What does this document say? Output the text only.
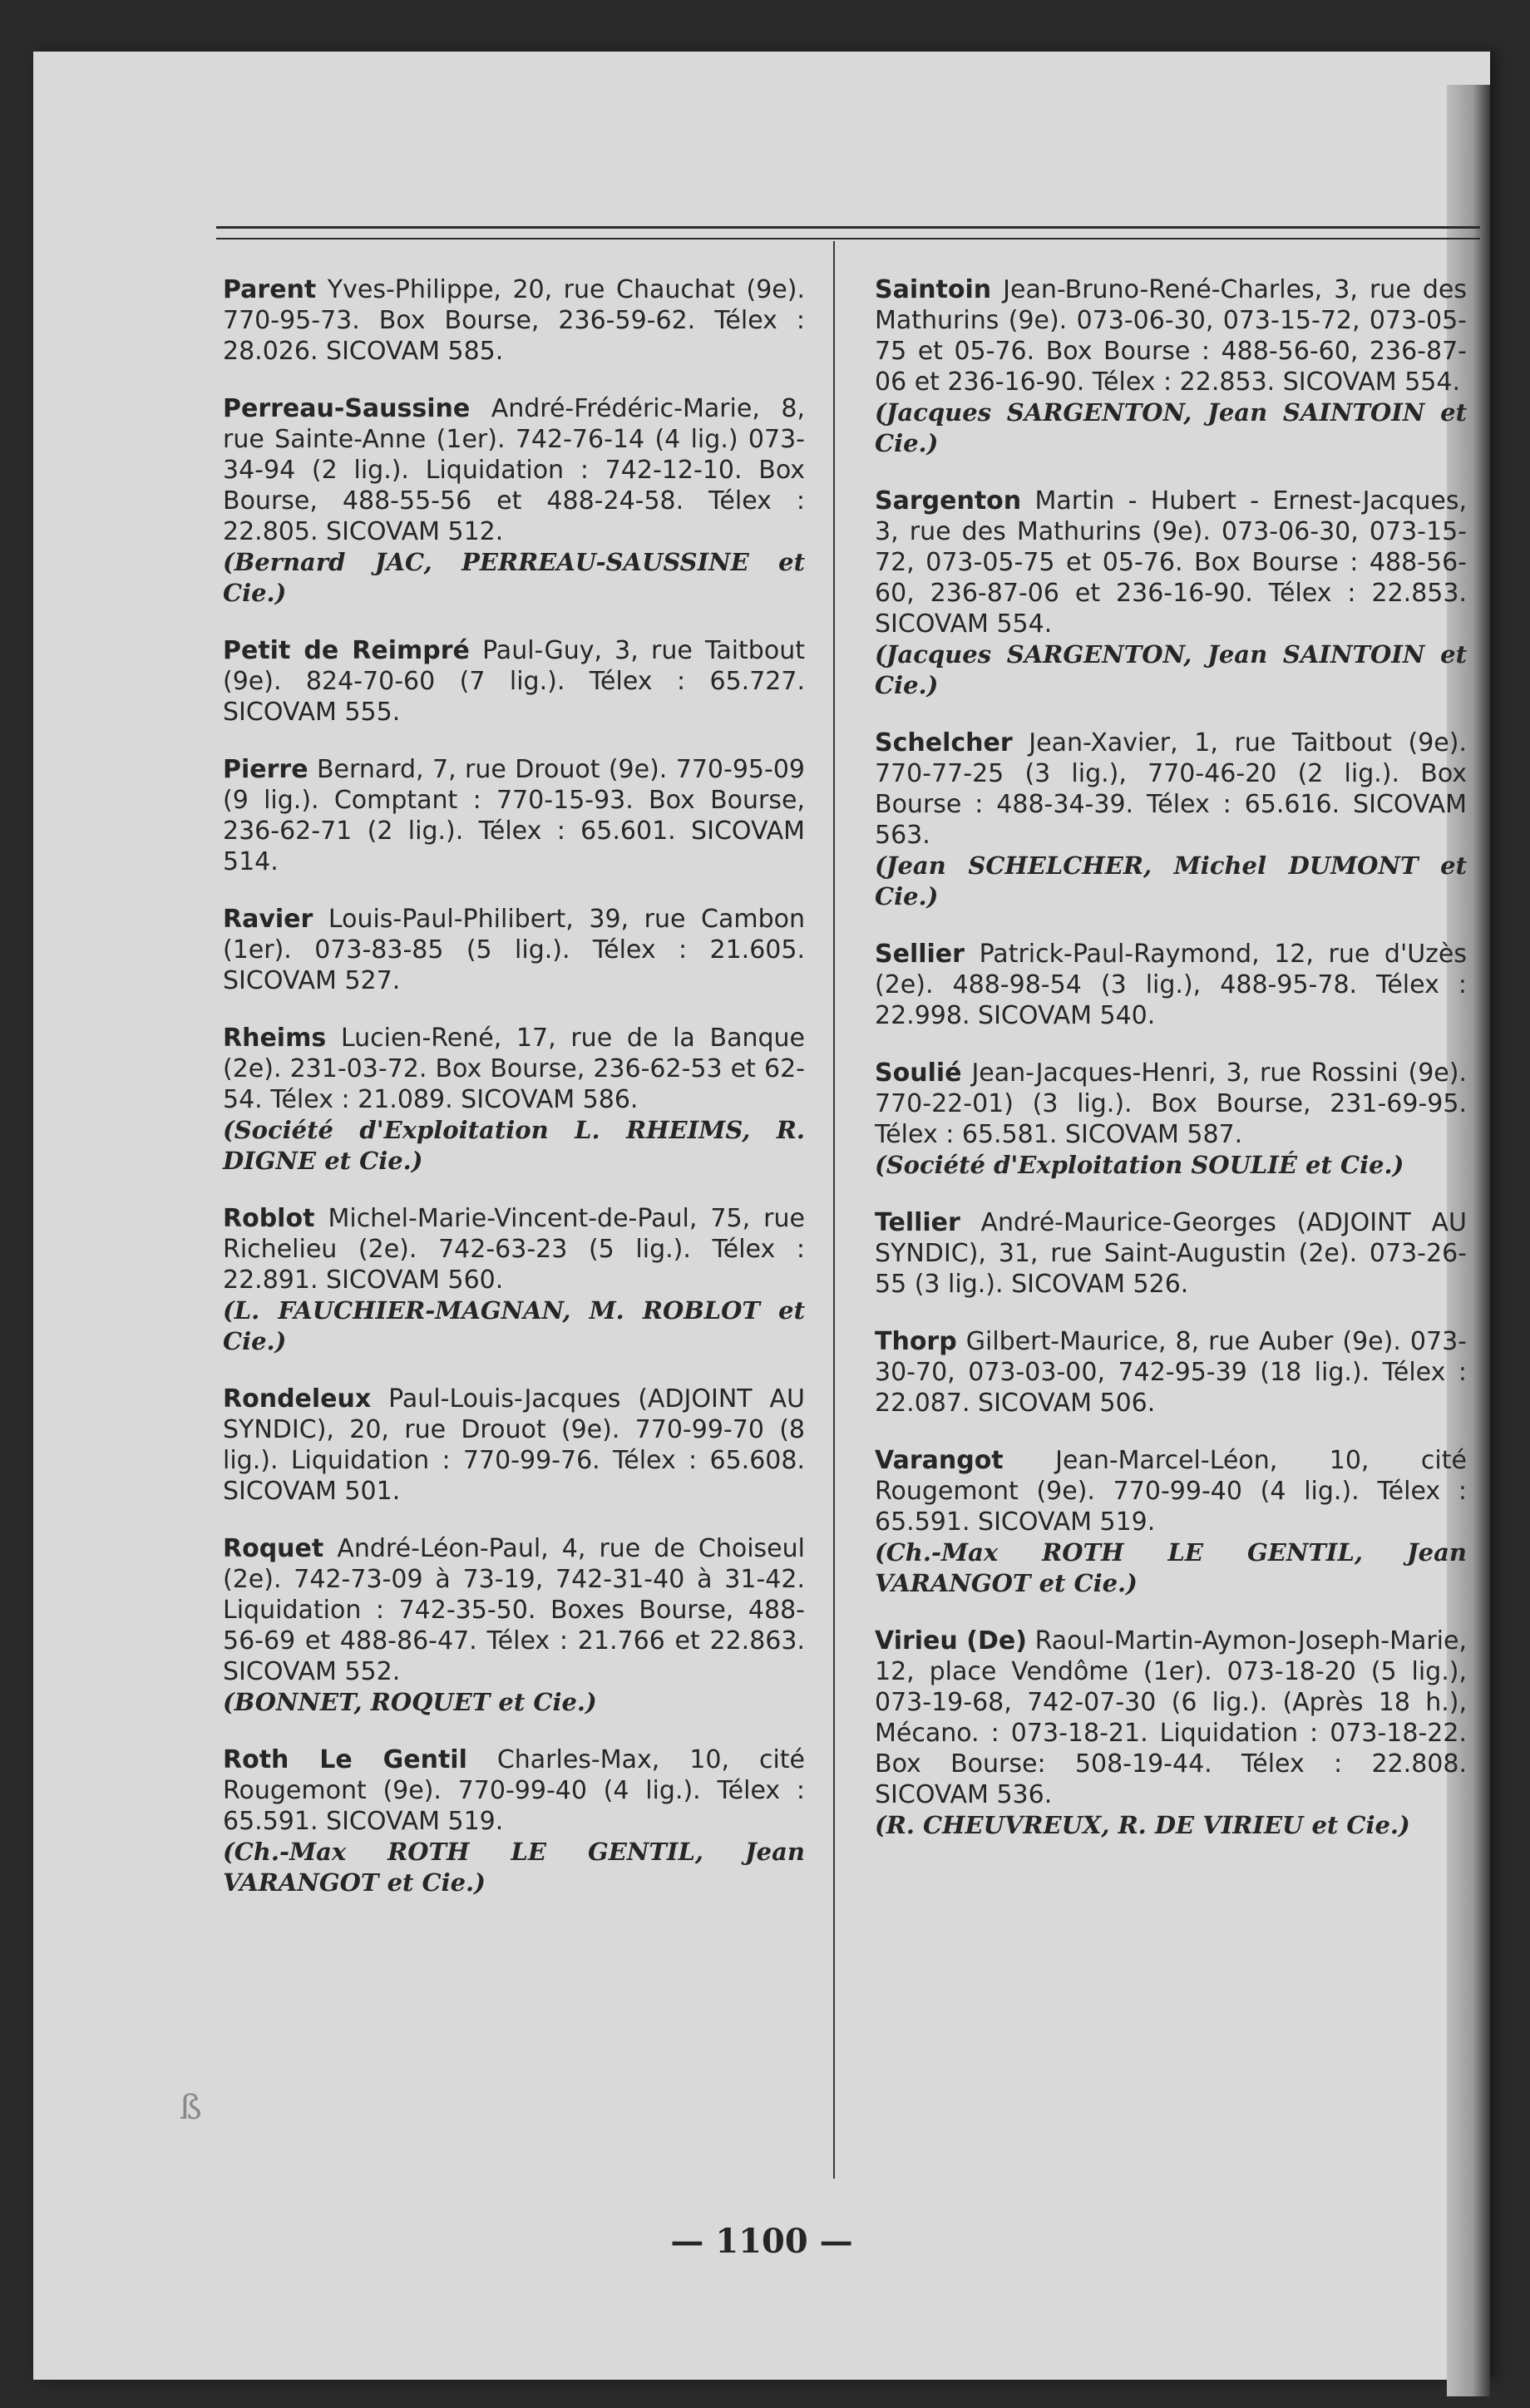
Parent Yves-Philippe, 20, rue Chauchat (9e). 770-95-73. Box Bourse, 236-59-62. Télex : 28.026. SICOVAM 585.
Perreau-Saussine André-Frédéric-Marie, 8, rue Sainte-Anne (1er). 742-76-14 (4 lig.) 073-34-94 (2 lig.). Liquidation : 742-12-10. Box Bourse, 488-55-56 et 488-24-58. Télex : 22.805. SICOVAM 512.
(Bernard JAC, PERREAU-SAUSSINE et Cie.)
Petit de Reimpré Paul-Guy, 3, rue Taitbout (9e). 824-70-60 (7 lig.). Télex : 65.727. SICOVAM 555.
Pierre Bernard, 7, rue Drouot (9e). 770-95-09 (9 lig.). Comptant : 770-15-93. Box Bourse, 236-62-71 (2 lig.). Télex : 65.601. SICOVAM 514.
Ravier Louis-Paul-Philibert, 39, rue Cambon (1er). 073-83-85 (5 lig.). Télex : 21.605. SICOVAM 527.
Rheims Lucien-René, 17, rue de la Banque (2e). 231-03-72. Box Bourse, 236-62-53 et 62-54. Télex : 21.089. SICOVAM 586.
(Société d'Exploitation L. RHEIMS, R. DIGNE et Cie.)
Roblot Michel-Marie-Vincent-de-Paul, 75, rue Richelieu (2e). 742-63-23 (5 lig.). Télex : 22.891. SICOVAM 560.
(L. FAUCHIER-MAGNAN, M. ROBLOT et Cie.)
Rondeleux Paul-Louis-Jacques (ADJOINT AU SYNDIC), 20, rue Drouot (9e). 770-99-70 (8 lig.). Liquidation : 770-99-76. Télex : 65.608. SICOVAM 501.
Roquet André-Léon-Paul, 4, rue de Choiseul (2e). 742-73-09 à 73-19, 742-31-40 à 31-42. Liquidation : 742-35-50. Boxes Bourse, 488-56-69 et 488-86-47. Télex : 21.766 et 22.863. SICOVAM 552.
(BONNET, ROQUET et Cie.)
Roth Le Gentil Charles-Max, 10, cité Rougemont (9e). 770-99-40 (4 lig.). Télex : 65.591. SICOVAM 519.
(Ch.-Max ROTH LE GENTIL, Jean VARANGOT et Cie.)
Saintoin Jean-Bruno-René-Charles, 3, rue des Mathurins (9e). 073-06-30, 073-15-72, 073-05-75 et 05-76. Box Bourse : 488-56-60, 236-87-06 et 236-16-90. Télex : 22.853. SICOVAM 554.
(Jacques SARGENTON, Jean SAINTOIN et Cie.)
Sargenton Martin - Hubert - Ernest-Jacques, 3, rue des Mathurins (9e). 073-06-30, 073-15-72, 073-05-75 et 05-76. Box Bourse : 488-56-60, 236-87-06 et 236-16-90. Télex : 22.853. SICOVAM 554.
(Jacques SARGENTON, Jean SAINTOIN et Cie.)
Schelcher Jean-Xavier, 1, rue Taitbout (9e). 770-77-25 (3 lig.), 770-46-20 (2 lig.). Box Bourse : 488-34-39. Télex : 65.616. SICOVAM 563.
(Jean SCHELCHER, Michel DUMONT et Cie.)
Sellier Patrick-Paul-Raymond, 12, rue d'Uzès (2e). 488-98-54 (3 lig.), 488-95-78. Télex : 22.998. SICOVAM 540.
Soulié Jean-Jacques-Henri, 3, rue Rossini (9e). 770-22-01) (3 lig.). Box Bourse, 231-69-95. Télex : 65.581. SICOVAM 587.
(Société d'Exploitation SOULIÉ et Cie.)
Tellier André-Maurice-Georges (ADJOINT AU SYNDIC), 31, rue Saint-Augustin (2e). 073-26-55 (3 lig.). SICOVAM 526.
Thorp Gilbert-Maurice, 8, rue Auber (9e). 073-30-70, 073-03-00, 742-95-39 (18 lig.). Télex : 22.087. SICOVAM 506.
Varangot Jean-Marcel-Léon, 10, cité Rougemont (9e). 770-99-40 (4 lig.). Télex : 65.591. SICOVAM 519.
(Ch.-Max ROTH LE GENTIL, Jean VARANGOT et Cie.)
Virieu (De) Raoul-Martin-Aymon-Joseph-Marie, 12, place Vendôme (1er). 073-18-20 (5 lig.), 073-19-68, 742-07-30 (6 lig.). (Après 18 h.), Mécano. : 073-18-21. Liquidation : 073-18-22. Box Bourse: 508-19-44. Télex : 22.808. SICOVAM 536.
(R. CHEUVREUX, R. DE VIRIEU et Cie.)
ß
— 1100 —
